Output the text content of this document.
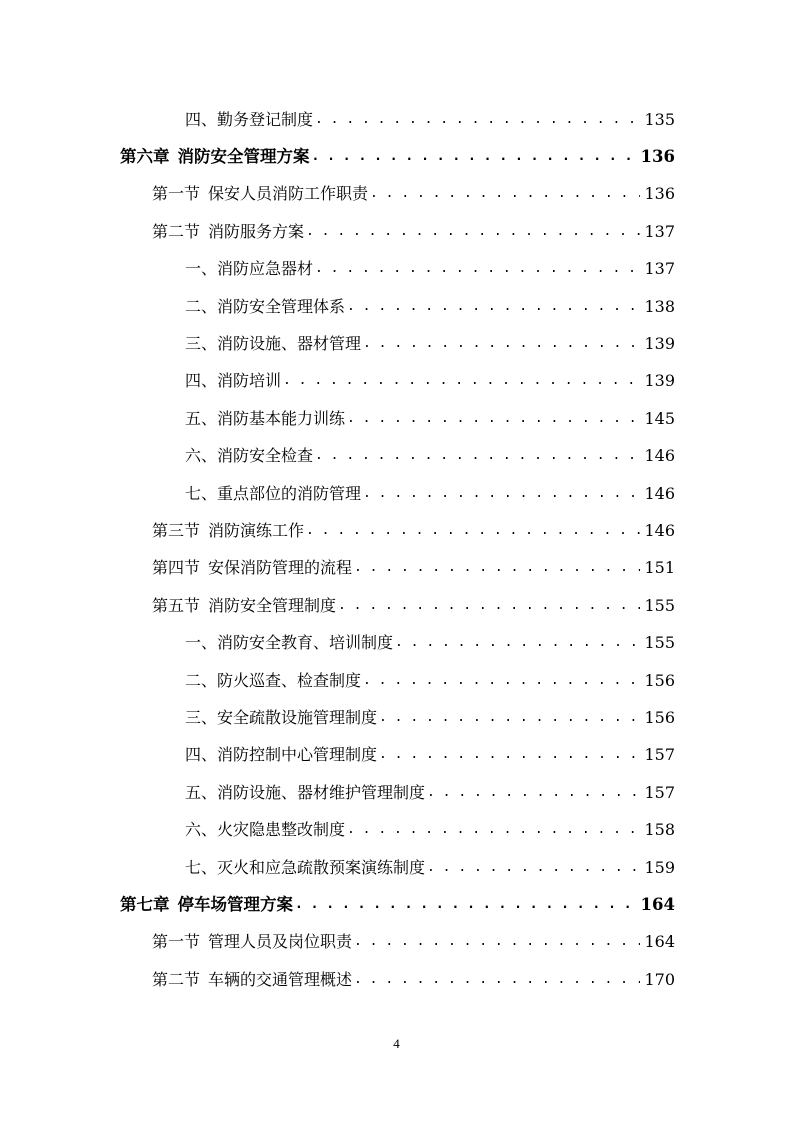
四、 勤务登记制度 . . .	135
第六章 消防安全管理方案 . . .	136
第一节 保安人员消防工作职责 . . .	136
第二节 消防服务方案 . . .	137
一、 消防应急器材 . . .	137
二、 消防安全管理体系 . . .	138
三、 消防设施、器材管理 . . .	139
四、 消防培训 . . .	139
五、 消防基本能力训练 . . .	145
六、 消防安全检查 . . .	146
七、 重点部位的消防管理 . . .	146
第三节 消防演练工作 . . .	146
第四节 安保消防管理的流程 . . .	151
第五节 消防安全管理制度 . . .	155
一、 消防安全教育、培训制度 . . .	155
二、 防火巡查、检查制度 . . .	156
三、 安全疏散设施管理制度 . . .	156
四、 消防控制中心管理制度 . . .	157
五、 消防设施、器材维护管理制度 . . .	157
六、 火灾隐患整改制度 . . .	158
七、 灭火和应急疏散预案演练制度 . . .	159
第七章 停车场管理方案 . . .	164
第一节 管理人员及岗位职责 . . .	164
第二节 车辆的交通管理概述 . . .	170
4
